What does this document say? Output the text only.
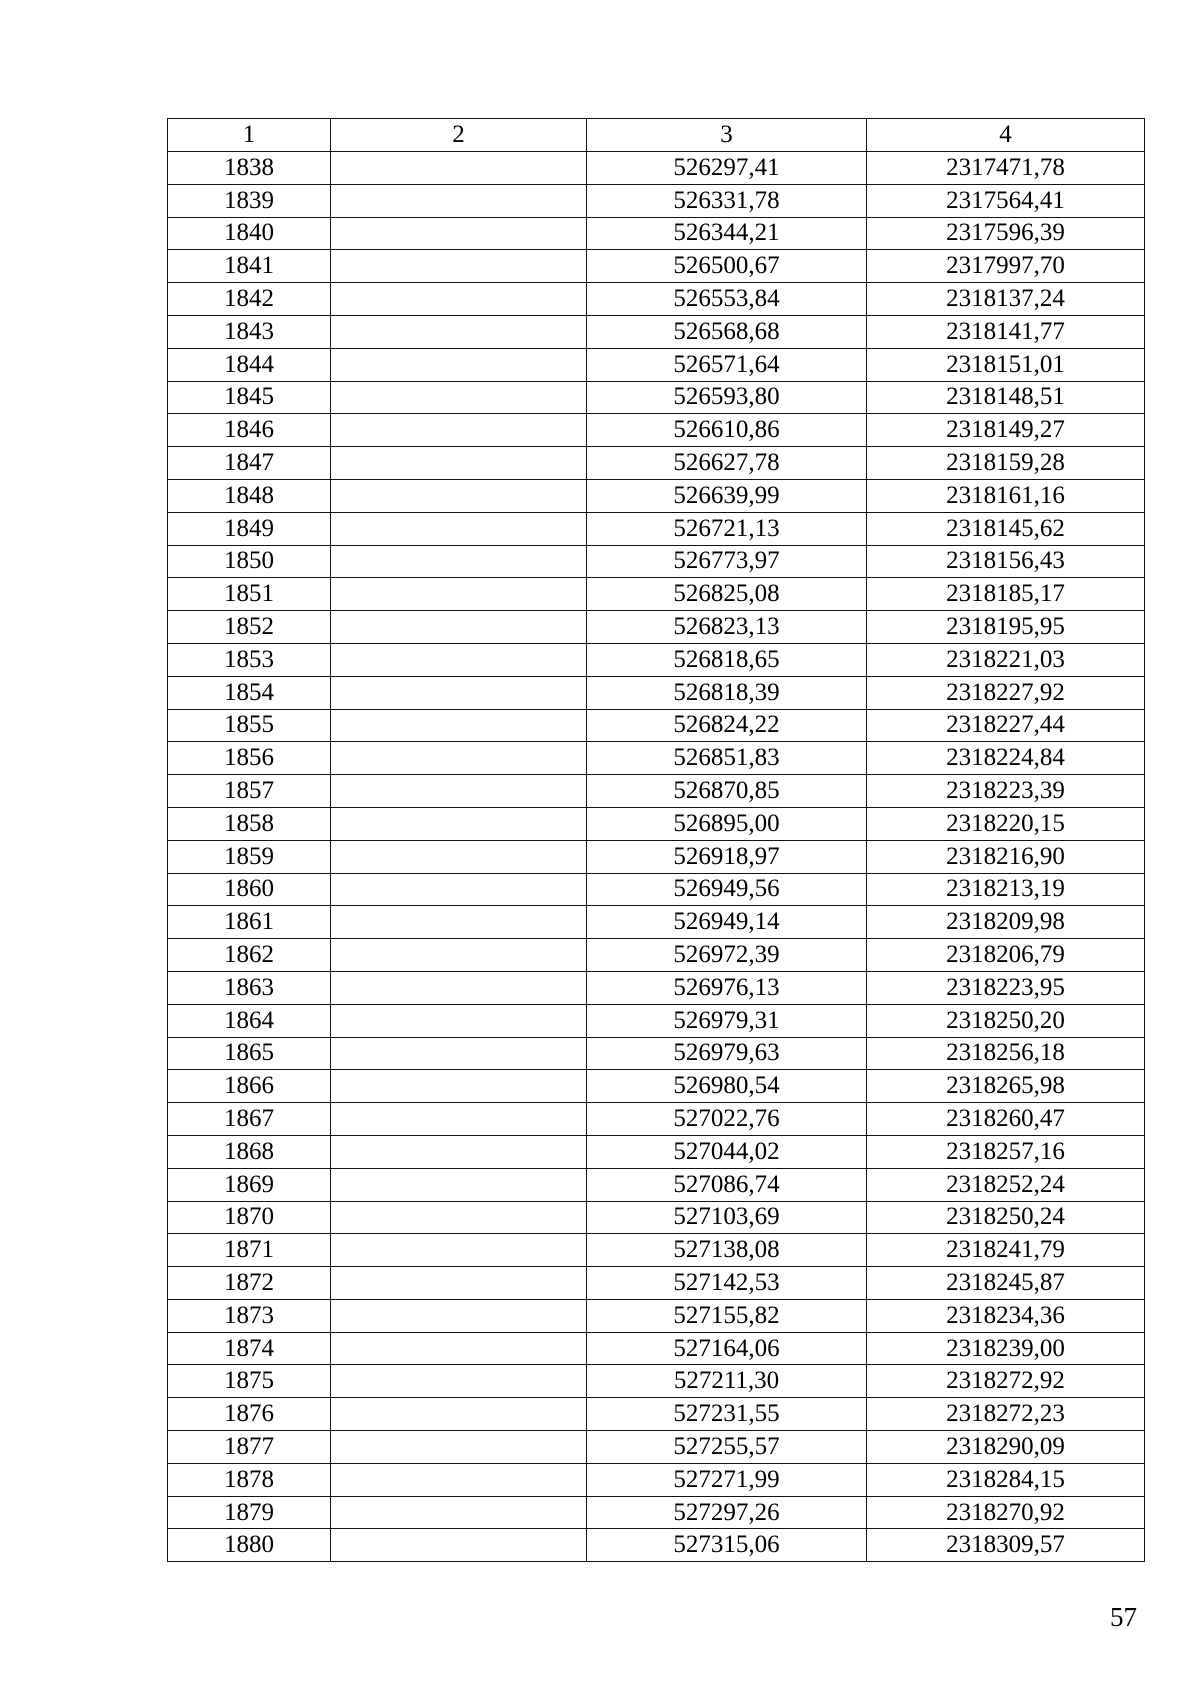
1	2	3	4
1838		526297,41	2317471,78
1839		526331,78	2317564,41
1840		526344,21	2317596,39
1841		526500,67	2317997,70
1842		526553,84	2318137,24
1843		526568,68	2318141,77
1844		526571,64	2318151,01
1845		526593,80	2318148,51
1846		526610,86	2318149,27
1847		526627,78	2318159,28
1848		526639,99	2318161,16
1849		526721,13	2318145,62
1850		526773,97	2318156,43
1851		526825,08	2318185,17
1852		526823,13	2318195,95
1853		526818,65	2318221,03
1854		526818,39	2318227,92
1855		526824,22	2318227,44
1856		526851,83	2318224,84
1857		526870,85	2318223,39
1858		526895,00	2318220,15
1859		526918,97	2318216,90
1860		526949,56	2318213,19
1861		526949,14	2318209,98
1862		526972,39	2318206,79
1863		526976,13	2318223,95
1864		526979,31	2318250,20
1865		526979,63	2318256,18
1866		526980,54	2318265,98
1867		527022,76	2318260,47
1868		527044,02	2318257,16
1869		527086,74	2318252,24
1870		527103,69	2318250,24
1871		527138,08	2318241,79
1872		527142,53	2318245,87
1873		527155,82	2318234,36
1874		527164,06	2318239,00
1875		527211,30	2318272,92
1876		527231,55	2318272,23
1877		527255,57	2318290,09
1878		527271,99	2318284,15
1879		527297,26	2318270,92
1880		527315,06	2318309,57
57
